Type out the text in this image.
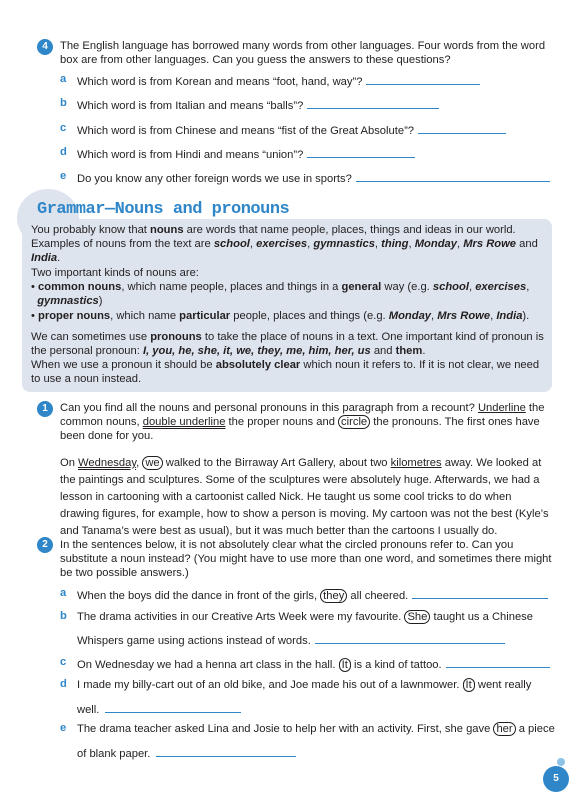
4	The English language has borrowed many words from other languages. Four words from the word box are from other languages. Can you guess the answers to these questions?
a Which word is from Korean and means “foot, hand, way”?
b Which word is from Italian and means “balls”?
c Which word is from Chinese and means “fist of the Great Absolute”?
d Which word is from Hindi and means “union”?
e Do you know any other foreign words we use in sports?
Grammar—Nouns and pronouns
You probably know that nouns are words that name people, places, things and ideas in our world. Examples of nouns from the text are school, exercises, gymnastics, thing, Monday, Mrs Rowe and India.
Two important kinds of nouns are:
• common nouns, which name people, places and things in a general way (e.g. school, exercises,
gymnastics)
• proper nouns, which name particular people, places and things (e.g. Monday, Mrs Rowe, India).
We can sometimes use pronouns to take the place of nouns in a text. One important kind of pronoun is the personal pronoun: I, you, he, she, it, we, they, me, him, her, us and them.
When we use a pronoun it should be absolutely clear which noun it refers to. If it is not clear, we need to use a noun instead.
1	Can you find all the nouns and personal pronouns in this paragraph from a recount? Underline the
common nouns, double underline the proper nouns and circle the pronouns. The first ones have
been done for you.
On Wednesday, we walked to the Birraway Art Gallery, about two kilometres away. We looked at
the paintings and sculptures. Some of the sculptures were absolutely huge. Afterwards, we had a
lesson in cartooning with a cartoonist called Nick. He taught us some cool tricks to do when
drawing figures, for example, how to show a person is moving. My cartoon was not the best (Kyle’s
and Tanama’s were best as usual), but it was much better than the cartoons I usually do.
2	In the sentences below, it is not absolutely clear what the circled pronouns refer to. Can you
substitute a noun instead? (You might have to use more than one word, and sometimes there might
be two possible answers.)
a When the boys did the dance in front of the girls, they all cheered.
b The drama activities in our Creative Arts Week were my favourite. She taught us a Chinese
Whispers game using actions instead of words.
c On Wednesday we had a henna art class in the hall. It is a kind of tattoo.
d I made my billy-cart out of an old bike, and Joe made his out of a lawnmower. It went really
well.
e The drama teacher asked Lina and Josie to help her with an activity. First, she gave her a piece
of blank paper.
5
